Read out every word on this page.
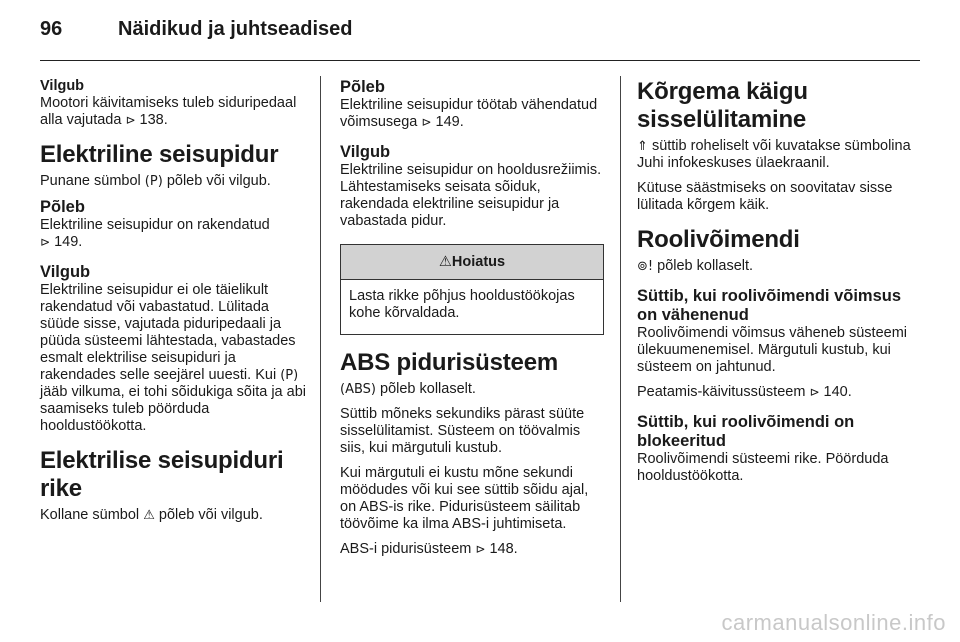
96	Näidikud ja juhtseadised
Vilgub

Mootori käivitamiseks tuleb siduripedaal alla vajutada ⊳ 138.

Elektriline seisupidur

Punane sümbol (P) põleb või vilgub.

Põleb

Elektriline seisupidur on rakendatud
⊳ 149.

Vilgub

Elektriline seisupidur ei ole täielikult rakendatud või vabastatud. Lülitada süüde sisse, vajutada piduripedaali ja püüda süsteemi lähtestada, vabastades esmalt elektrilise seisupiduri ja rakendades selle seejärel uuesti. Kui (P) jääb vilkuma, ei tohi sõidukiga sõita ja abi saamiseks tuleb pöörduda hooldustöökotta.

Elektrilise seisupiduri rike

Kollane sümbol ⚠ põleb või vilgub.

Põleb

Elektriline seisupidur töötab vähendatud võimsusega ⊳ 149.

Vilgub

Elektriline seisupidur on hooldusrežiimis. Lähtestamiseks seisata sõiduk, rakendada elektriline seisupidur ja vabastada pidur.

⚠Hoiatus

Lasta rikke põhjus hooldustöökojas kohe kõrvaldada.

ABS pidurisüsteem

(ABS) põleb kollaselt.

Süttib mõneks sekundiks pärast süüte sisselülitamist. Süsteem on töövalmis siis, kui märgutuli kustub.

Kui märgutuli ei kustu mõne sekundi möödudes või kui see süttib sõidu ajal, on ABS-is rike. Pidurisüsteem säilitab töövõime ka ilma ABS-i juhtimiseta.

ABS-i pidurisüsteem ⊳ 148.

Kõrgema käigu sisselülitamine

⇑ süttib roheliselt või kuvatakse sümbolina Juhi infokeskuses ülaekraanil.

Kütuse säästmiseks on soovitatav sisse lülitada kõrgem käik.

Roolivõimendi

⊚! põleb kollaselt.

Süttib, kui roolivõimendi võimsus on vähenenud

Roolivõimendi võimsus väheneb süsteemi ülekuumenemisel. Märgutuli kustub, kui süsteem on jahtunud.

Peatamis-käivitussüsteem ⊳ 140.

Süttib, kui roolivõimendi on blokeeritud

Roolivõimendi süsteemi rike. Pöörduda hooldustöökotta.

carmanualsonline.info
